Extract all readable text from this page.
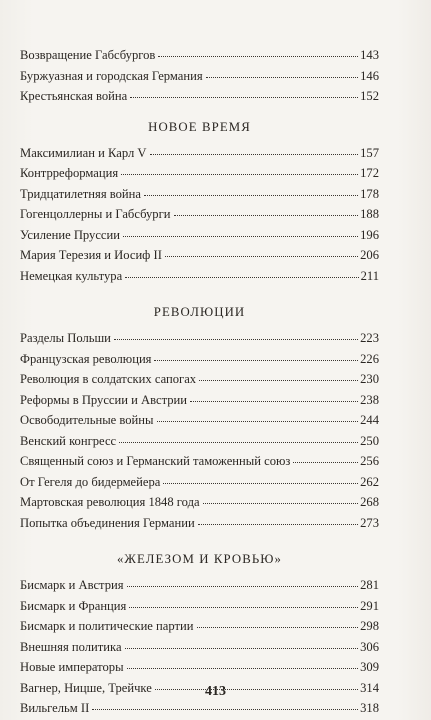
Возвращение Габсбургов	143
Буржуазная и городская Германия	146
Крестьянская война	152
НОВОЕ ВРЕМЯ
Максимилиан и Карл V	157
Контрреформация	172
Тридцатилетняя война	178
Гогенцоллерны и Габсбурги	188
Усиление Пруссии	196
Мария Терезия и Иосиф II	206
Немецкая культура	211
РЕВОЛЮЦИИ
Разделы Польши	223
Французская революция	226
Революция в солдатских сапогах	230
Реформы в Пруссии и Австрии	238
Освободительные войны	244
Венский конгресс	250
Священный союз и Германский таможенный союз	256
От Гегеля до бидермейера	262
Мартовская революция 1848 года	268
Попытка объединения Германии	273
«ЖЕЛЕЗОМ И КРОВЬЮ»
Бисмарк и Австрия	281
Бисмарк и Франция	291
Бисмарк и политические партии	298
Внешняя политика	306
Новые императоры	309
Вагнер, Ницше, Трейчке	314
Вильгельм II	318
413
